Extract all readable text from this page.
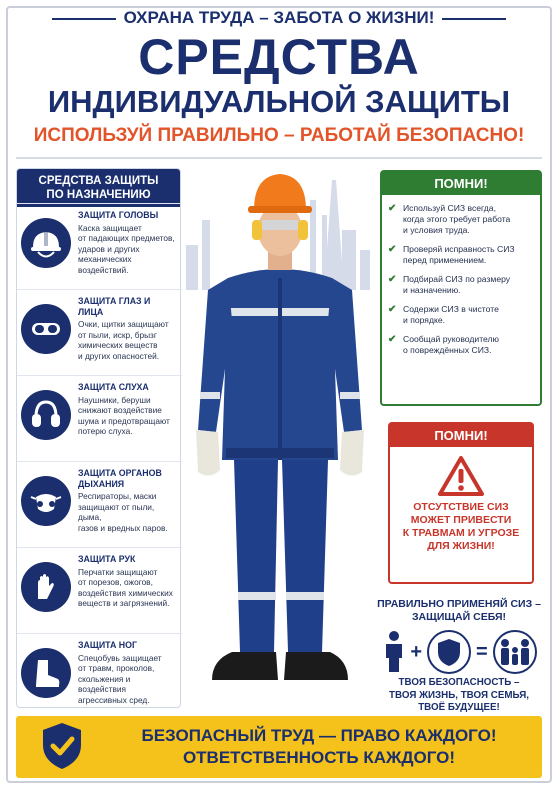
ОХРАНА ТРУДА – ЗАБОТА О ЖИЗНИ!
СРЕДСТВА
ИНДИВИДУАЛЬНОЙ ЗАЩИТЫ
ИСПОЛЬЗУЙ ПРАВИЛЬНО – РАБОТАЙ БЕЗОПАСНО!
СРЕДСТВА ЗАЩИТЫ
ПО НАЗНАЧЕНИЮ
ЗАЩИТА ГОЛОВЫ
Каска защищает
от падающих предметов,
ударов и других
механических воздействий.
ЗАЩИТА ГЛАЗ И ЛИЦА
Очки, щитки защищают
от пыли, искр, брызг
химических веществ
и других опасностей.
ЗАЩИТА СЛУХА
Наушники, беруши
снижают воздействие
шума и предотвращают
потерю слуха.
ЗАЩИТА ОРГАНОВ ДЫХАНИЯ
Респираторы, маски
защищают от пыли, дыма,
газов и вредных паров.
ЗАЩИТА РУК
Перчатки защищают
от порезов, ожогов,
воздействия химических
веществ и загрязнений.
ЗАЩИТА НОГ
Спецобувь защищает
от травм, проколов,
скольжения и воздействия
агрессивных сред.
ПОМНИ!
✔ Используй СИЗ всегда,
когда этого требует работа
и условия труда.
✔ Проверяй исправность СИЗ
перед применением.
✔ Подбирай СИЗ по размеру
и назначению.
✔ Содержи СИЗ в чистоте
и порядке.
✔ Сообщай руководителю
о повреждённых СИЗ.
ПОМНИ!
ОТСУТСТВИЕ СИЗ
МОЖЕТ ПРИВЕСТИ
К ТРАВМАМ И УГРОЗЕ
ДЛЯ ЖИЗНИ!
ПРАВИЛЬНО ПРИМЕНЯЙ СИЗ –
ЗАЩИЩАЙ СЕБЯ!
+	=
ТВОЯ БЕЗОПАСНОСТЬ –
ТВОЯ ЖИЗНЬ, ТВОЯ СЕМЬЯ,
ТВОЁ БУДУЩЕЕ!
БЕЗОПАСНЫЙ ТРУД — ПРАВО КАЖДОГО!
ОТВЕТСТВЕННОСТЬ КАЖДОГО!
